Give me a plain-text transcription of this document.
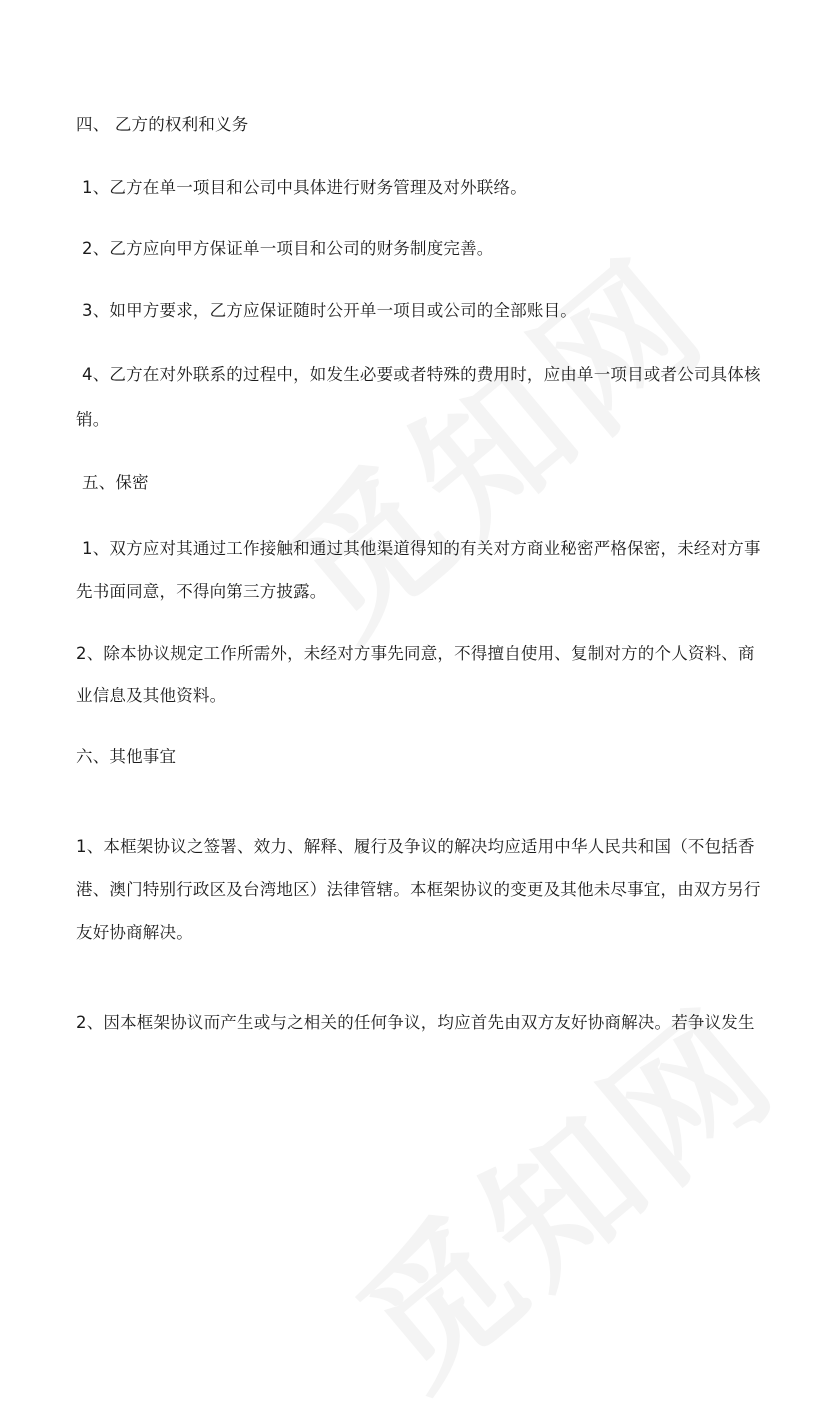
四、 乙方的权利和义务

1、乙方在单一项目和公司中具体进行财务管理及对外联络。

2、乙方应向甲方保证单一项目和公司的财务制度完善。

3、如甲方要求，乙方应保证随时公开单一项目或公司的全部账目。

4、乙方在对外联系的过程中，如发生必要或者特殊的费用时，应由单一项目或者公司具体核

销。

五、保密

1、双方应对其通过工作接触和通过其他渠道得知的有关对方商业秘密严格保密，未经对方事

先书面同意，不得向第三方披露。

2、除本协议规定工作所需外，未经对方事先同意，不得擅自使用、复制对方的个人资料、商

业信息及其他资料。

六、其他事宜

1、本框架协议之签署、效力、解释、履行及争议的解决均应适用中华人民共和国（不包括香

港、澳门特别行政区及台湾地区）法律管辖。本框架协议的变更及其他未尽事宜，由双方另行

友好协商解决。

2、因本框架协议而产生或与之相关的任何争议，均应首先由双方友好协商解决。若争议发生
